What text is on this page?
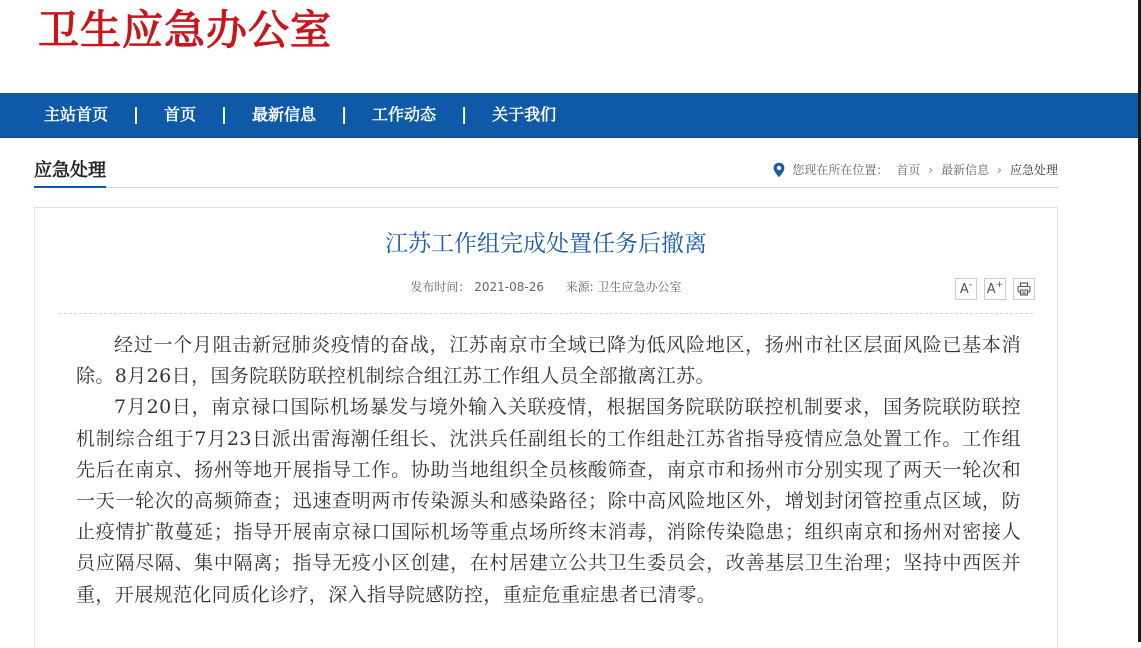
卫生应急办公室
主站首页	|	首页	|	最新信息	|	工作动态	|	关于我们
应急处理	您现在所在位置： 首页 › 最新信息 › 应急处理
江苏工作组完成处置任务后撤离
发布时间： 2021-08-26 来源: 卫生应急办公室	A- A+

经过一个月阻击新冠肺炎疫情的奋战，江苏南京市全域已降为低风险地区，扬州市社区层面风险已基本消除。8月26日，国务院联防联控机制综合组江苏工作组人员全部撤离江苏。

7月20日，南京禄口国际机场暴发与境外输入关联疫情，根据国务院联防联控机制要求，国务院联防联控机制综合组于7月23日派出雷海潮任组长、沈洪兵任副组长的工作组赴江苏省指导疫情应急处置工作。工作组先后在南京、扬州等地开展指导工作。协助当地组织全员核酸筛查，南京市和扬州市分别实现了两天一轮次和一天一轮次的高频筛查；迅速查明两市传染源头和感染路径；除中高风险地区外，增划封闭管控重点区域，防止疫情扩散蔓延；指导开展南京禄口国际机场等重点场所终末消毒，消除传染隐患；组织南京和扬州对密接人员应隔尽隔、集中隔离；指导无疫小区创建，在村居建立公共卫生委员会，改善基层卫生治理；坚持中西医并重，开展规范化同质化诊疗，深入指导院感防控，重症危重症患者已清零。
